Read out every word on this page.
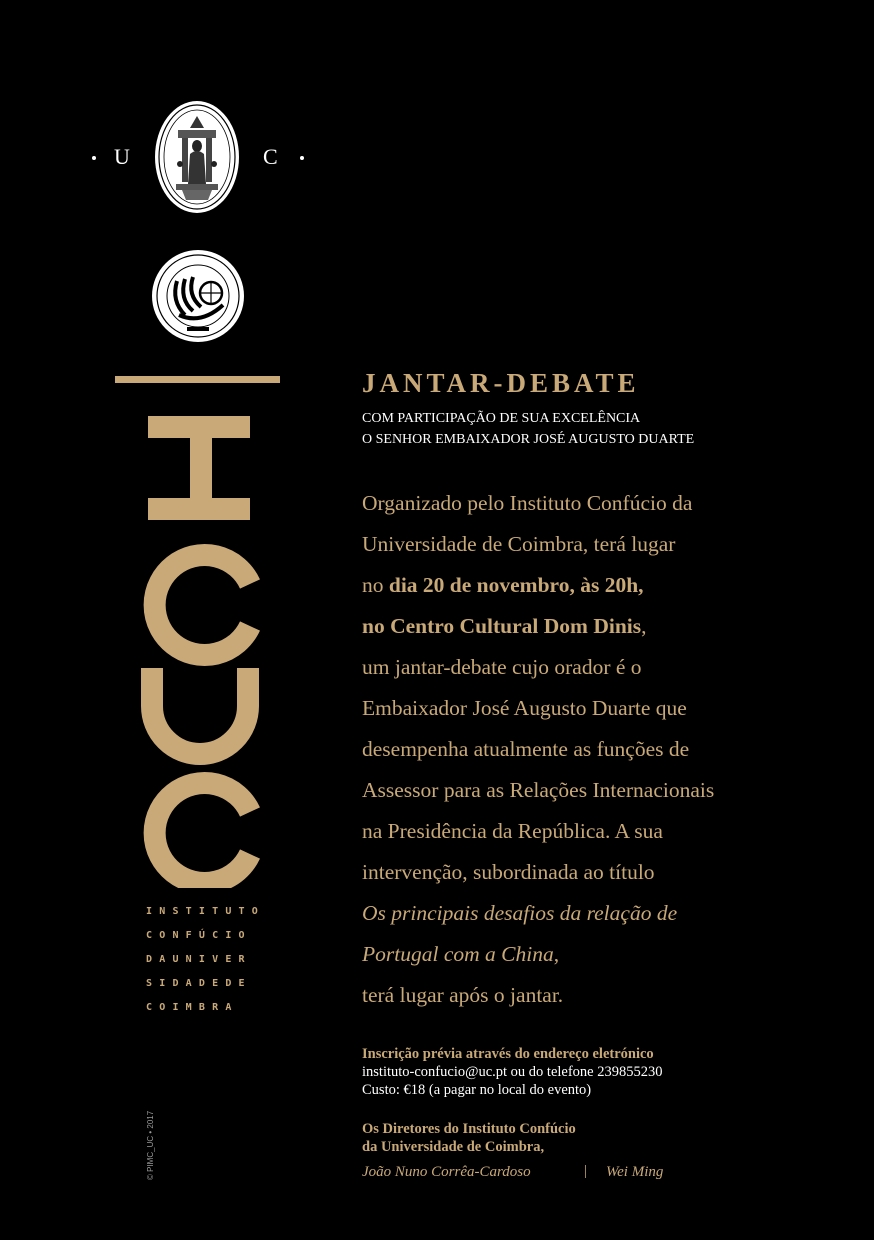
U	C
INSTITUTO
CONFÚCIO
DAUNIVER
SIDADEDE
COIMBRA
© PIMC_UC • 2017
JANTAR-DEBATE
COM PARTICIPAÇÃO DE SUA EXCELÊNCIA
O SENHOR EMBAIXADOR JOSÉ AUGUSTO DUARTE
Organizado pelo Instituto Confúcio da
Universidade de Coimbra, terá lugar
no dia 20 de novembro, às 20h,
no Centro Cultural Dom Dinis,
um jantar-debate cujo orador é o
Embaixador José Augusto Duarte que
desempenha atualmente as funções de
Assessor para as Relações Internacionais
na Presidência da República. A sua
intervenção, subordinada ao título
Os principais desafios da relação de
Portugal com a China,
terá lugar após o jantar.
Inscrição prévia através do endereço eletrónico
instituto-confucio@uc.pt ou do telefone 239855230
Custo: €18 (a pagar no local do evento)
Os Diretores do Instituto Confúcio
da Universidade de Coimbra,
João Nuno Corrêa-Cardoso	| Wei Ming
